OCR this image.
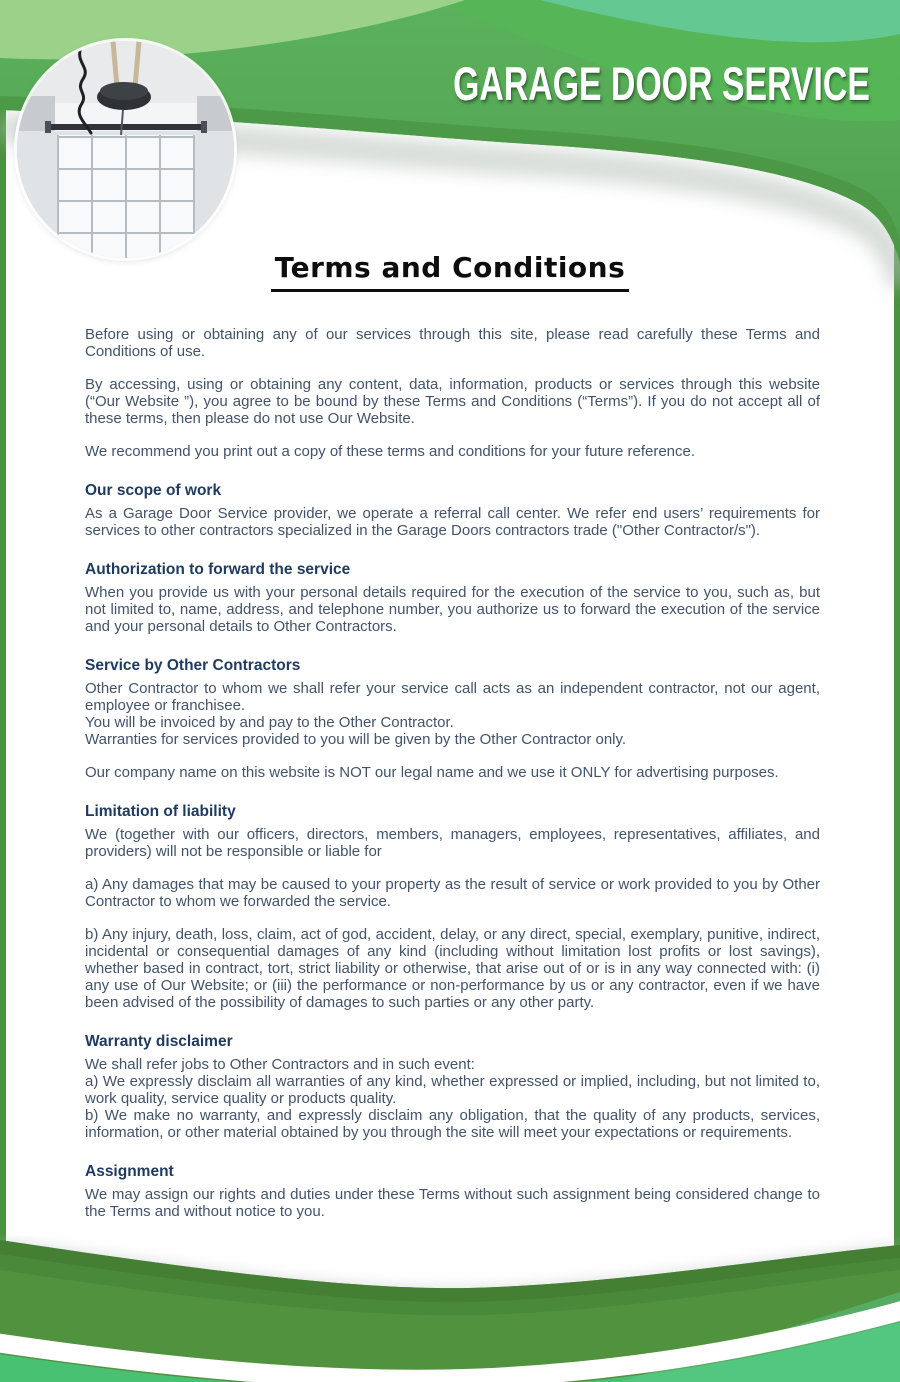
GARAGE DOOR SERVICE
Terms and Conditions

Before using or obtaining any of our services through this site, please read carefully these Terms and Conditions of use.

By accessing, using or obtaining any content, data, information, products or services through this website (“Our Website ”), you agree to be bound by these Terms and Conditions (“Terms”). If you do not accept all of these terms, then please do not use Our Website.

We recommend you print out a copy of these terms and conditions for your future reference.

Our scope of work

As a Garage Door Service provider, we operate a referral call center. We refer end users’ requirements for services to other contractors specialized in the Garage Doors contractors trade ("Other Contractor/s").

Authorization to forward the service

When you provide us with your personal details required for the execution of the service to you, such as, but not limited to, name, address, and telephone number, you authorize us to forward the execution of the service and your personal details to Other Contractors.

Service by Other Contractors

Other Contractor to whom we shall refer your service call acts as an independent contractor, not our agent, employee or franchisee.

You will be invoiced by and pay to the Other Contractor.

Warranties for services provided to you will be given by the Other Contractor only.

Our company name on this website is NOT our legal name and we use it ONLY for advertising purposes.

Limitation of liability

We (together with our officers, directors, members, managers, employees, representatives, affiliates, and providers) will not be responsible or liable for

a) Any damages that may be caused to your property as the result of service or work provided to you by Other Contractor to whom we forwarded the service.

b) Any injury, death, loss, claim, act of god, accident, delay, or any direct, special, exemplary, punitive, indirect, incidental or consequential damages of any kind (including without limitation lost profits or lost savings), whether based in contract, tort, strict liability or otherwise, that arise out of or is in any way connected with: (i) any use of Our Website; or (iii) the performance or non-performance by us or any contractor, even if we have been advised of the possibility of damages to such parties or any other party.

Warranty disclaimer

We shall refer jobs to Other Contractors and in such event:

a) We expressly disclaim all warranties of any kind, whether expressed or implied, including, but not limited to, work quality, service quality or products quality.

b) We make no warranty, and expressly disclaim any obligation, that the quality of any products, services, information, or other material obtained by you through the site will meet your expectations or requirements.

Assignment

We may assign our rights and duties under these Terms without such assignment being considered change to the Terms and without notice to you.
